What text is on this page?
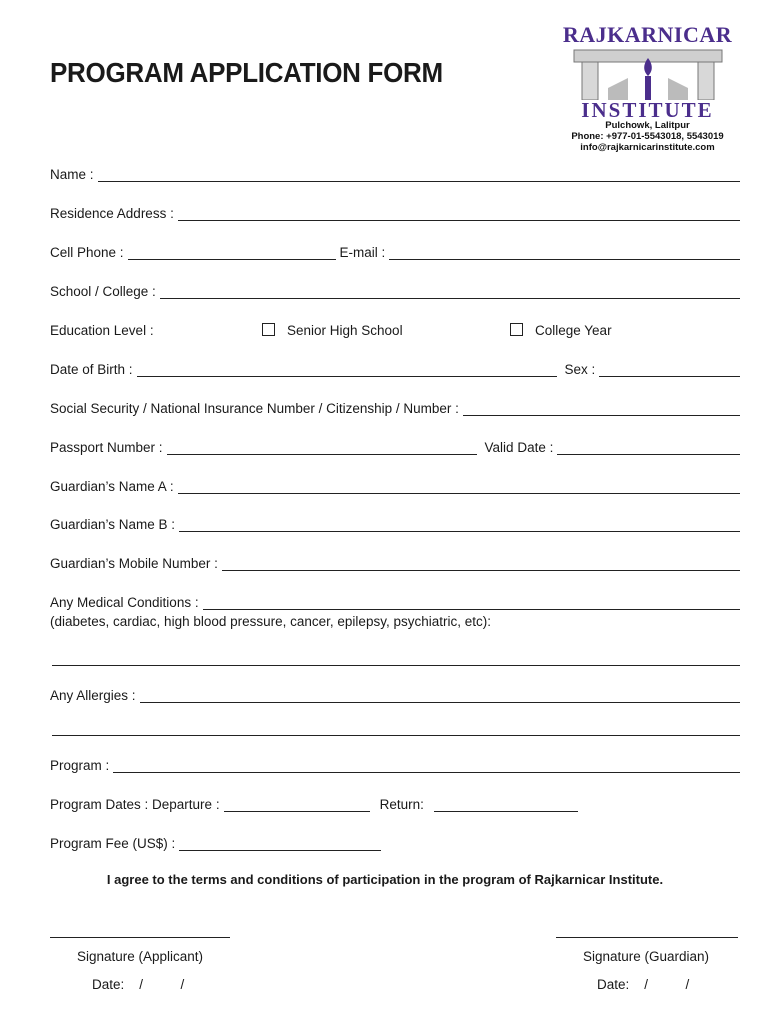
PROGRAM APPLICATION FORM
RAJKARNICAR
INSTITUTE
Pulchowk, Lalitpur
Phone: +977-01-5543018, 5543019
info@rajkarnicarinstitute.com
Name :
Residence Address :
Cell Phone :	E-mail :
School / College :
Education Level :	Senior High School	College Year
Date of Birth :	Sex :
Social Security / National Insurance Number / Citizenship / Number :
Passport Number :	Valid Date :
Guardian’s Name A :
Guardian’s Name B :
Guardian’s Mobile Number :
Any Medical Conditions :
(diabetes, cardiac, high blood pressure, cancer, epilepsy, psychiatric, etc):
Any Allergies :
Program :
Program Dates : Departure :	Return:
Program Fee (US$) :
I agree to the terms and conditions of participation in the program of Rajkarnicar Institute.
Signature (Applicant)	Signature (Guardian)
Date: /          /	Date: /          /
